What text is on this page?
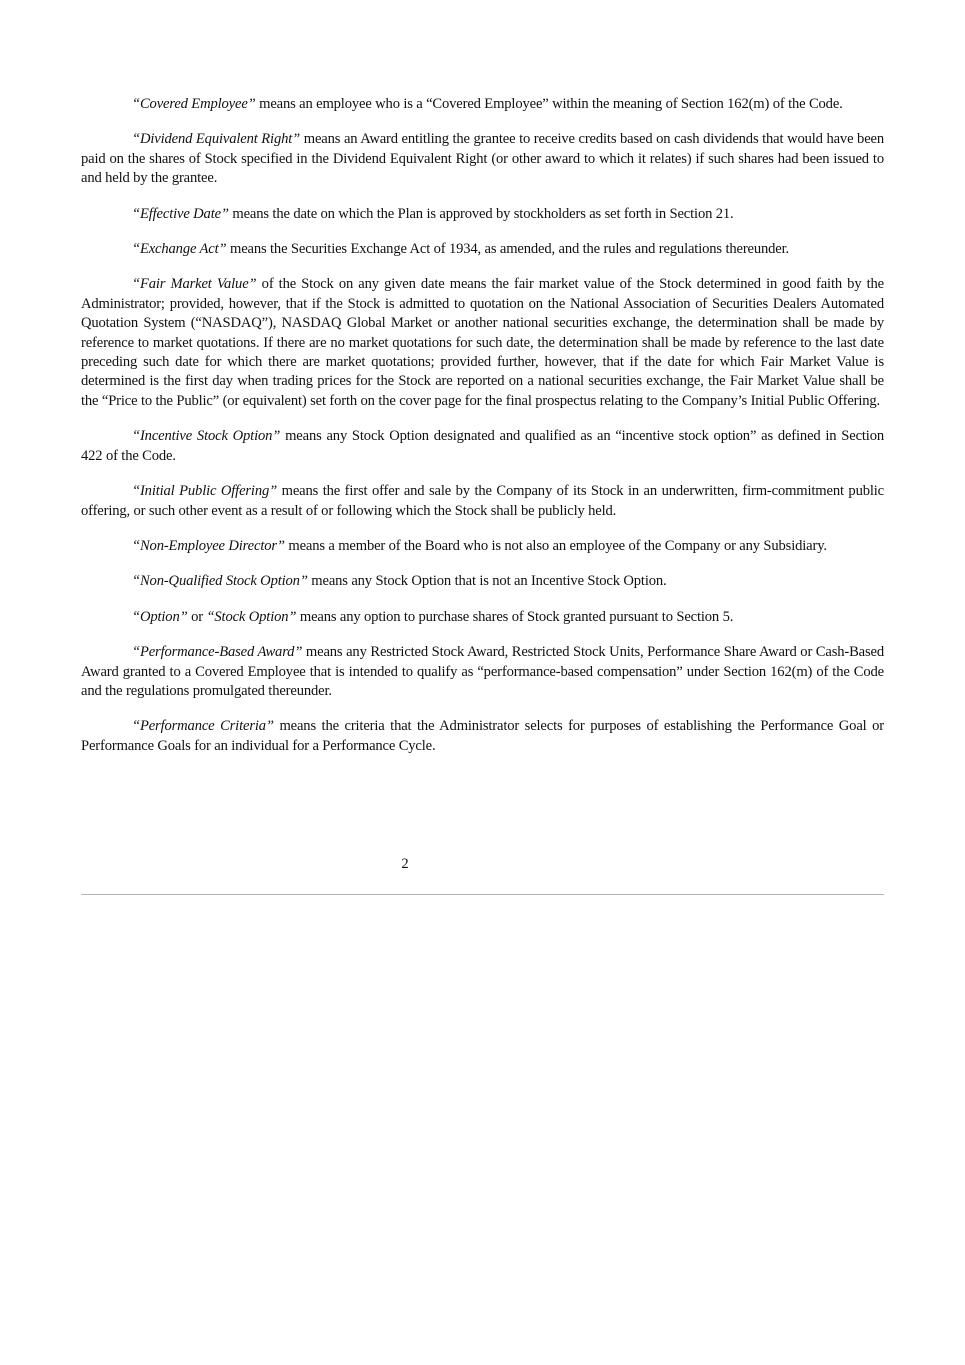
“Covered Employee” means an employee who is a “Covered Employee” within the meaning of Section 162(m) of the Code.

“Dividend Equivalent Right” means an Award entitling the grantee to receive credits based on cash dividends that would have been paid on the shares of Stock specified in the Dividend Equivalent Right (or other award to which it relates) if such shares had been issued to and held by the grantee.

“Effective Date” means the date on which the Plan is approved by stockholders as set forth in Section 21.

“Exchange Act” means the Securities Exchange Act of 1934, as amended, and the rules and regulations thereunder.

“Fair Market Value” of the Stock on any given date means the fair market value of the Stock determined in good faith by the Administrator; provided, however, that if the Stock is admitted to quotation on the National Association of Securities Dealers Automated Quotation System (“NASDAQ”), NASDAQ Global Market or another national securities exchange, the determination shall be made by reference to market quotations. If there are no market quotations for such date, the determination shall be made by reference to the last date preceding such date for which there are market quotations; provided further, however, that if the date for which Fair Market Value is determined is the first day when trading prices for the Stock are reported on a national securities exchange, the Fair Market Value shall be the “Price to the Public” (or equivalent) set forth on the cover page for the final prospectus relating to the Company’s Initial Public Offering.

“Incentive Stock Option” means any Stock Option designated and qualified as an “incentive stock option” as defined in Section 422 of the Code.

“Initial Public Offering” means the first offer and sale by the Company of its Stock in an underwritten, firm-commitment public offering, or such other event as a result of or following which the Stock shall be publicly held.

“Non-Employee Director” means a member of the Board who is not also an employee of the Company or any Subsidiary.

“Non-Qualified Stock Option” means any Stock Option that is not an Incentive Stock Option.

“Option” or “Stock Option” means any option to purchase shares of Stock granted pursuant to Section 5.

“Performance-Based Award” means any Restricted Stock Award, Restricted Stock Units, Performance Share Award or Cash-Based Award granted to a Covered Employee that is intended to qualify as “performance-based compensation” under Section 162(m) of the Code and the regulations promulgated thereunder.

“Performance Criteria” means the criteria that the Administrator selects for purposes of establishing the Performance Goal or Performance Goals for an individual for a Performance Cycle.

2
